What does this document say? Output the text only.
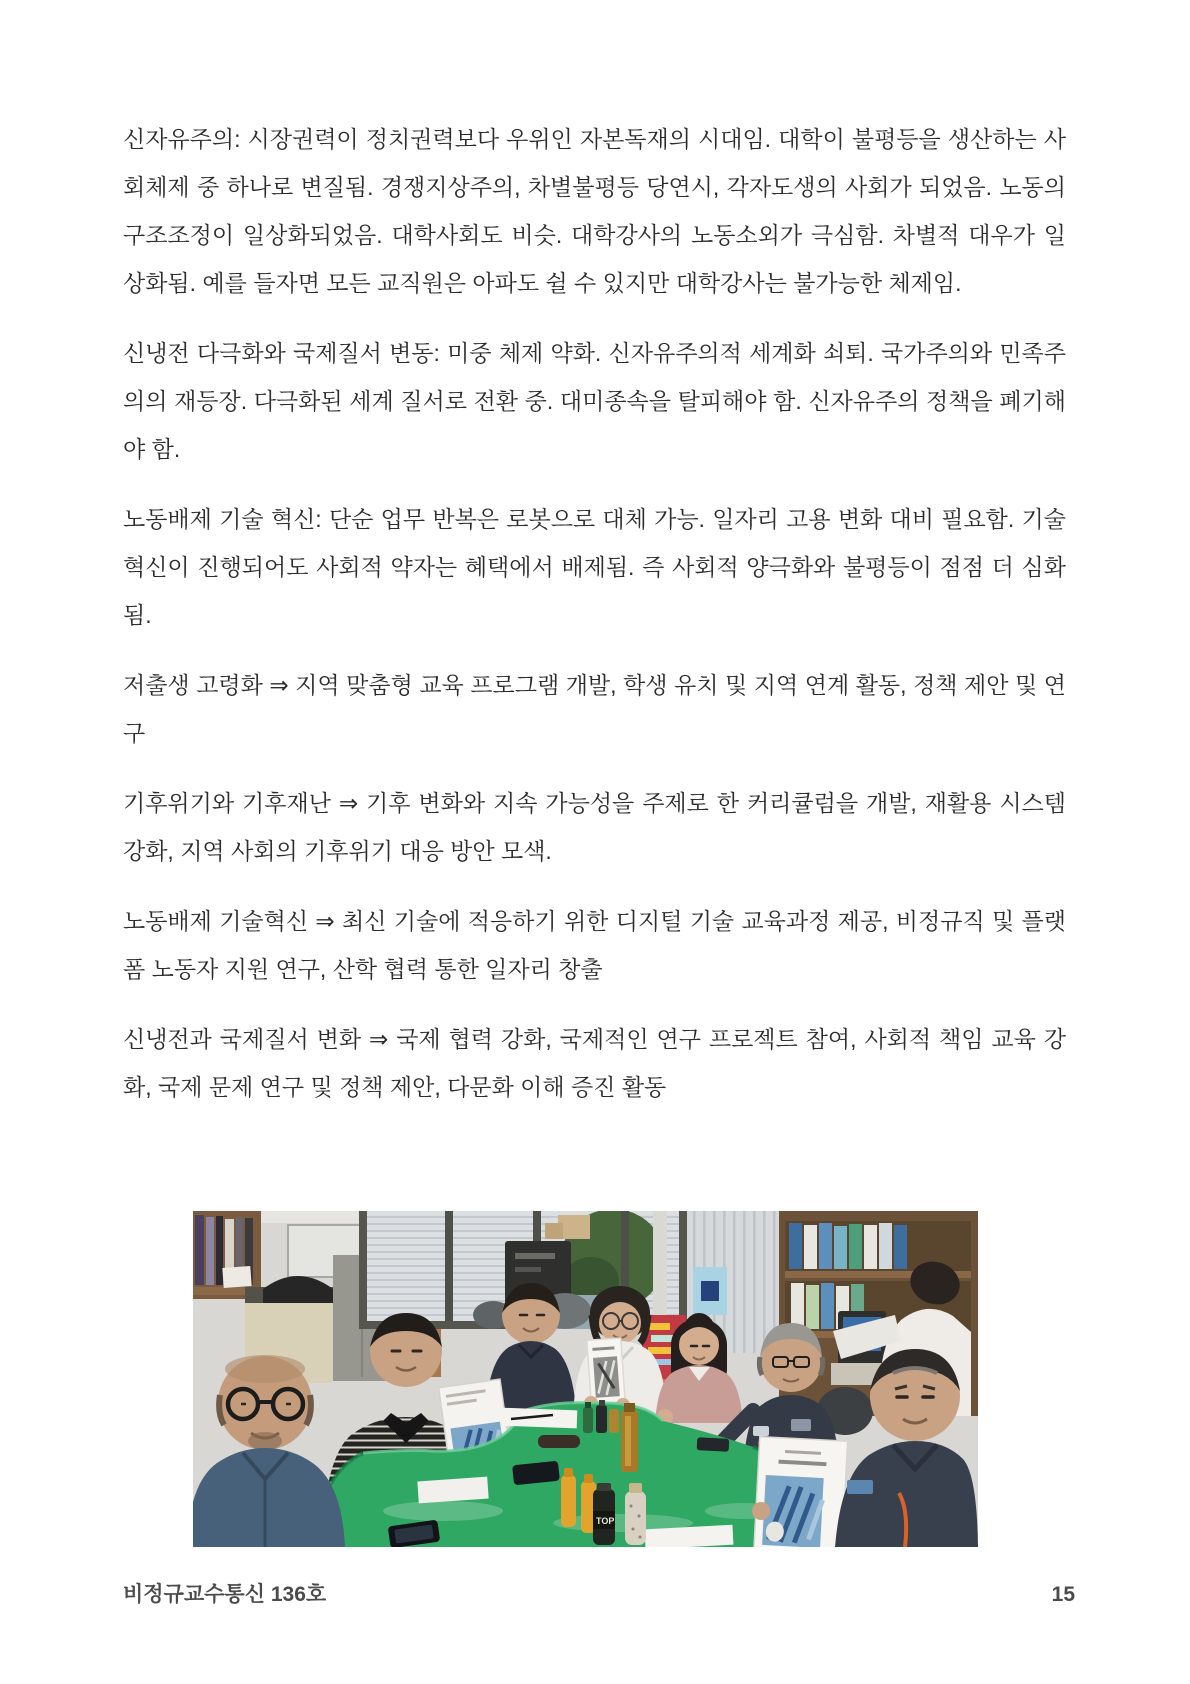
신자유주의: 시장권력이 정치권력보다 우위인 자본독재의 시대임. 대학이 불평등을 생산하는 사회체제 중 하나로 변질됨. 경쟁지상주의, 차별불평등 당연시, 각자도생의 사회가 되었음. 노동의 구조조정이 일상화되었음. 대학사회도 비슷. 대학강사의 노동소외가 극심함. 차별적 대우가 일상화됨. 예를 들자면 모든 교직원은 아파도 쉴 수 있지만 대학강사는 불가능한 체제임.

신냉전 다극화와 국제질서 변동: 미중 체제 약화. 신자유주의적 세계화 쇠퇴. 국가주의와 민족주의의 재등장. 다극화된 세계 질서로 전환 중. 대미종속을 탈피해야 함. 신자유주의 정책을 폐기해야 함.

노동배제 기술 혁신: 단순 업무 반복은 로봇으로 대체 가능. 일자리 고용 변화 대비 필요함. 기술 혁신이 진행되어도 사회적 약자는 혜택에서 배제됨. 즉 사회적 양극화와 불평등이 점점 더 심화됨.

저출생 고령화 ⇒ 지역 맞춤형 교육 프로그램 개발, 학생 유치 및 지역 연계 활동, 정책 제안 및 연구

기후위기와 기후재난 ⇒ 기후 변화와 지속 가능성을 주제로 한 커리큘럼을 개발, 재활용 시스템 강화, 지역 사회의 기후위기 대응 방안 모색.

노동배제 기술혁신 ⇒ 최신 기술에 적응하기 위한 디지털 기술 교육과정 제공, 비정규직 및 플랫폼 노동자 지원 연구, 산학 협력 통한 일자리 창출

신냉전과 국제질서 변화 ⇒ 국제 협력 강화, 국제적인 연구 프로젝트 참여, 사회적 책임 교육 강화, 국제 문제 연구 및 정책 제안, 다문화 이해 증진 활동

TOP
비정규교수통신 136호	15
